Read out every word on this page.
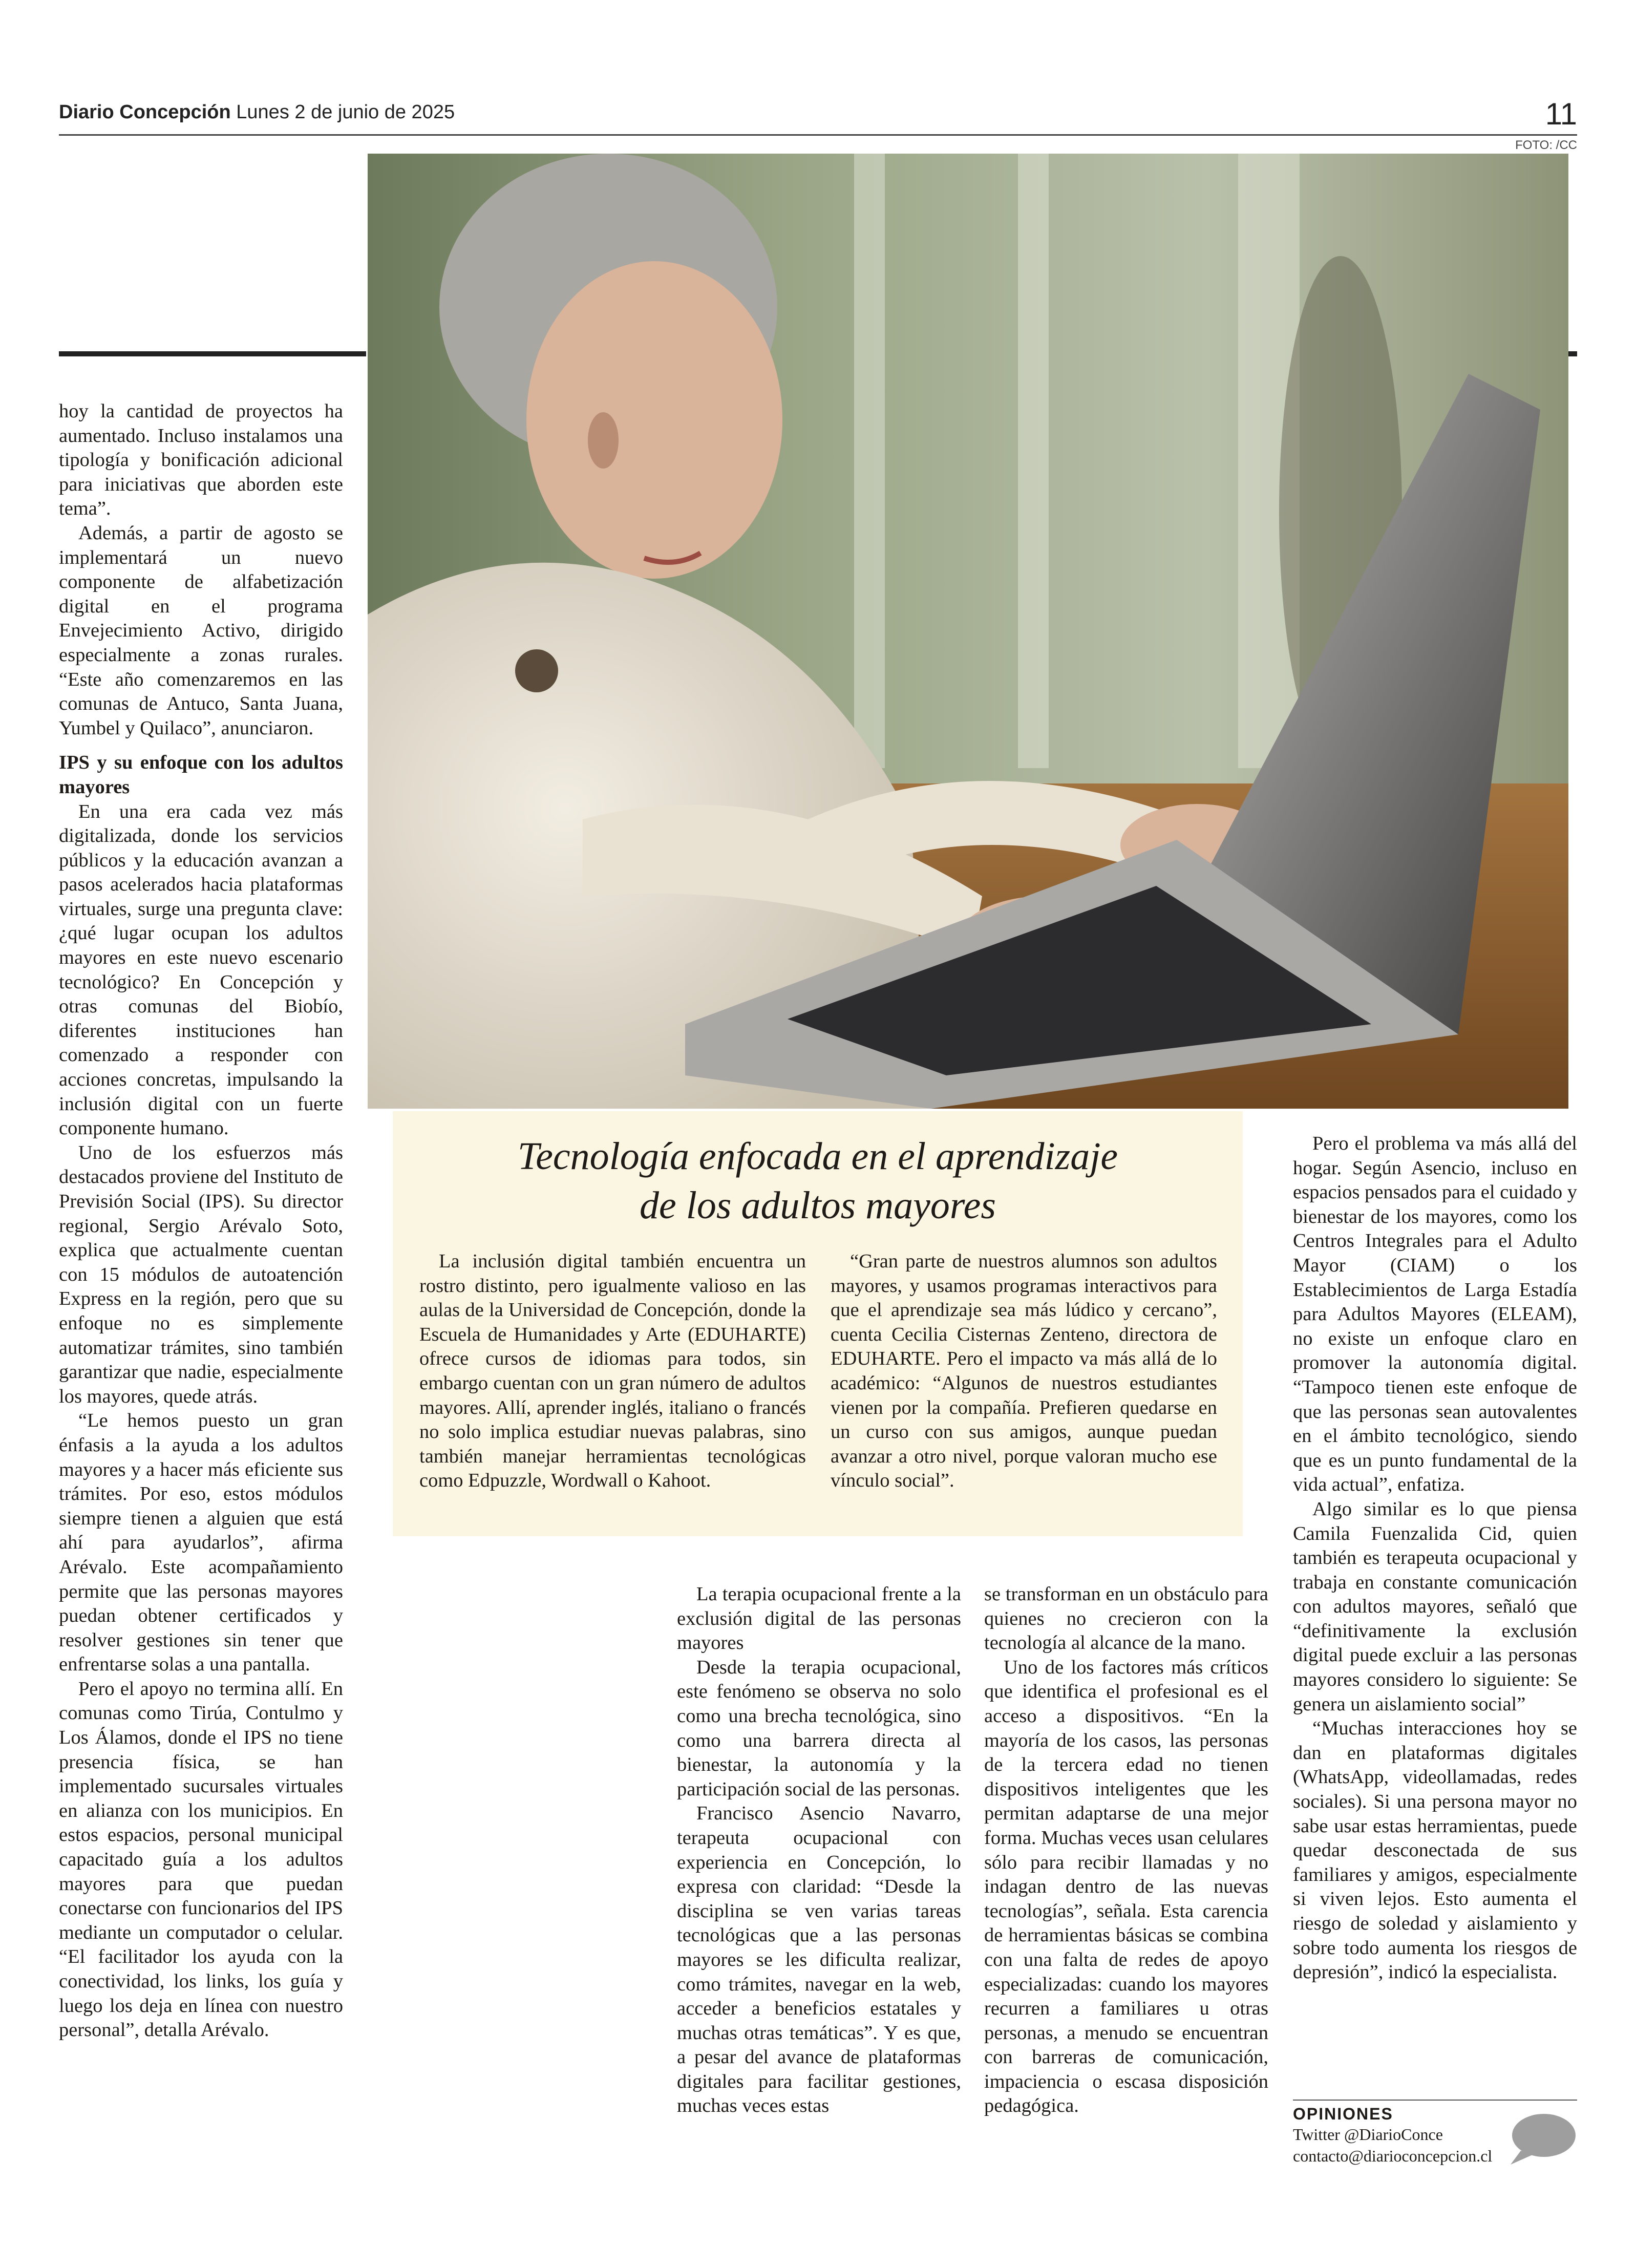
Diario Concepción Lunes 2 de junio de 2025	11
FOTO: /CC

hoy la cantidad de proyectos ha aumentado. Incluso instalamos una tipología y bonificación adicional para iniciativas que aborden este tema”.

Además, a partir de agosto se implementará un nuevo componente de alfabetización digital en el programa Envejecimiento Activo, dirigido especialmente a zonas rurales. “Este año comenzaremos en las comunas de Antuco, Santa Juana, Yumbel y Quilaco”, anunciaron.

IPS y su enfoque con los adultos mayores

En una era cada vez más digitalizada, donde los servicios públicos y la educación avanzan a pasos acelerados hacia plataformas virtuales, surge una pregunta clave: ¿qué lugar ocupan los adultos mayores en este nuevo escenario tecnológico? En Concepción y otras comunas del Biobío, diferentes instituciones han comenzado a responder con acciones concretas, impulsando la inclusión digital con un fuerte componente humano.

Uno de los esfuerzos más destacados proviene del Instituto de Previsión Social (IPS). Su director regional, Sergio Arévalo Soto, explica que actualmente cuentan con 15 módulos de autoatención Express en la región, pero que su enfoque no es simplemente automatizar trámites, sino también garantizar que nadie, especialmente los mayores, quede atrás.

“Le hemos puesto un gran énfasis a la ayuda a los adultos mayores y a hacer más eficiente sus trámites. Por eso, estos módulos siempre tienen a alguien que está ahí para ayudarlos”, afirma Arévalo. Este acompañamiento permite que las personas mayores puedan obtener certificados y resolver gestiones sin tener que enfrentarse solas a una pantalla.

Pero el apoyo no termina allí. En comunas como Tirúa, Contulmo y Los Álamos, donde el IPS no tiene presencia física, se han implementado sucursales virtuales en alianza con los municipios. En estos espacios, personal municipal capacitado guía a los adultos mayores para que puedan conectarse con funcionarios del IPS mediante un computador o celular. “El facilitador los ayuda con la conectividad, los links, los guía y luego los deja en línea con nuestro personal”, detalla Arévalo.

Tecnología enfocada en el aprendizaje
de los adultos mayores

La inclusión digital también encuentra un rostro distinto, pero igualmente valioso en las aulas de la Universidad de Concepción, donde la Escuela de Humanidades y Arte (EDUHARTE) ofrece cursos de idiomas para todos, sin embargo cuentan con un gran número de adultos mayores. Allí, aprender inglés, italiano o francés no solo implica estudiar nuevas palabras, sino también manejar herramientas tecnológicas como Edpuzzle, Wordwall o Kahoot.

“Gran parte de nuestros alumnos son adultos mayores, y usamos programas interactivos para que el aprendizaje sea más lúdico y cercano”, cuenta Cecilia Cisternas Zenteno, directora de EDUHARTE. Pero el impacto va más allá de lo académico: “Algunos de nuestros estudiantes vienen por la compañía. Prefieren quedarse en un curso con sus amigos, aunque puedan avanzar a otro nivel, porque valoran mucho ese vínculo social”.

La terapia ocupacional frente a la exclusión digital de las personas mayores

Desde la terapia ocupacional, este fenómeno se observa no solo como una brecha tecnológica, sino como una barrera directa al bienestar, la autonomía y la participación social de las personas.

Francisco Asencio Navarro, terapeuta ocupacional con experiencia en Concepción, lo expresa con claridad: “Desde la disciplina se ven varias tareas tecnológicas que a las personas mayores se les dificulta realizar, como trámites, navegar en la web, acceder a beneficios estatales y muchas otras temáticas”. Y es que, a pesar del avance de plataformas digitales para facilitar gestiones, muchas veces estas

se transforman en un obstáculo para quienes no crecieron con la tecnología al alcance de la mano.

Uno de los factores más críticos que identifica el profesional es el acceso a dispositivos. “En la mayoría de los casos, las personas de la tercera edad no tienen dispositivos inteligentes que les permitan adaptarse de una mejor forma. Muchas veces usan celulares sólo para recibir llamadas y no indagan dentro de las nuevas tecnologías”, señala. Esta carencia de herramientas básicas se combina con una falta de redes de apoyo especializadas: cuando los mayores recurren a familiares u otras personas, a menudo se encuentran con barreras de comunicación, impaciencia o escasa disposición pedagógica.

Pero el problema va más allá del hogar. Según Asencio, incluso en espacios pensados para el cuidado y bienestar de los mayores, como los Centros Integrales para el Adulto Mayor (CIAM) o los Establecimientos de Larga Estadía para Adultos Mayores (ELEAM), no existe un enfoque claro en promover la autonomía digital. “Tampoco tienen este enfoque de que las personas sean autovalentes en el ámbito tecnológico, siendo que es un punto fundamental de la vida actual”, enfatiza.

Algo similar es lo que piensa Camila Fuenzalida Cid, quien también es terapeuta ocupacional y trabaja en constante comunicación con adultos mayores, señaló que “definitivamente la exclusión digital puede excluir a las personas mayores considero lo siguiente: Se genera un aislamiento social”

“Muchas interacciones hoy se dan en plataformas digitales (WhatsApp, videollamadas, redes sociales). Si una persona mayor no sabe usar estas herramientas, puede quedar desconectada de sus familiares y amigos, especialmente si viven lejos. Esto aumenta el riesgo de soledad y aislamiento y sobre todo aumenta los riesgos de depresión”, indicó la especialista.

OPINIONES
Twitter @DiarioConce
contacto@diarioconcepcion.cl
